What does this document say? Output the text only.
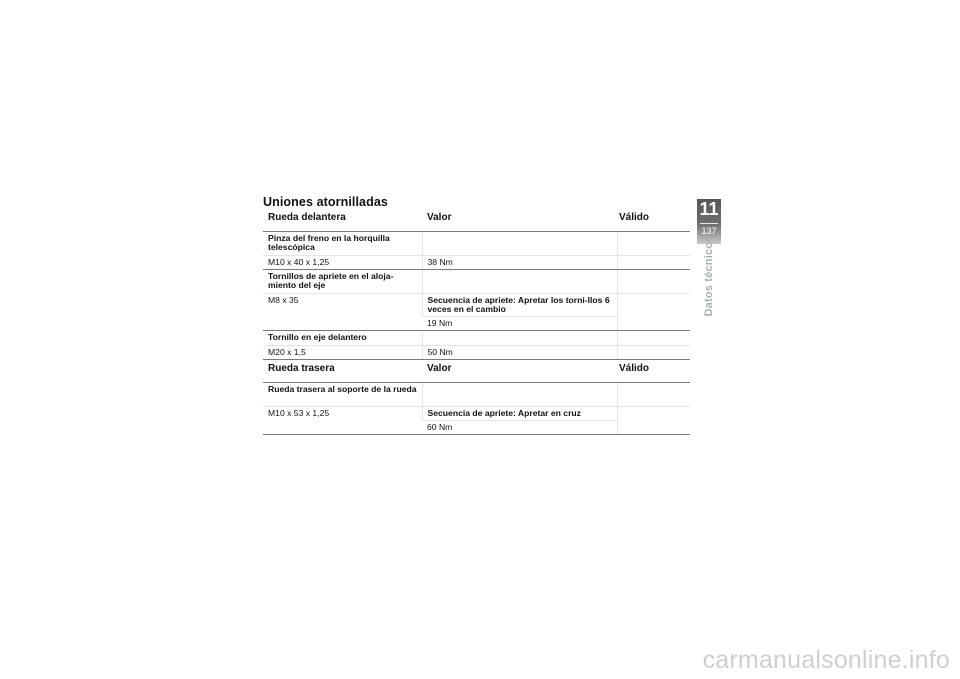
Uniones atornilladas
Rueda delantera	Valor	Válido
Pinza del freno en la horquilla telescópica		
M10 x 40 x 1,25	38 Nm	
Tornillos de apriete en el aloja-miento del eje		
M8 x 35	Secuencia de apriete: Apretar los torni-llos 6 veces en el cambio	
	19 Nm	
Tornillo en eje delantero		
M20 x 1,5	50 Nm	
Rueda trasera	Valor	Válido
Rueda trasera al soporte de la rueda		
M10 x 53 x 1,25	Secuencia de apriete: Apretar en cruz	
	60 Nm	
11
137
Datos técnicos
carmanualsonline.info
